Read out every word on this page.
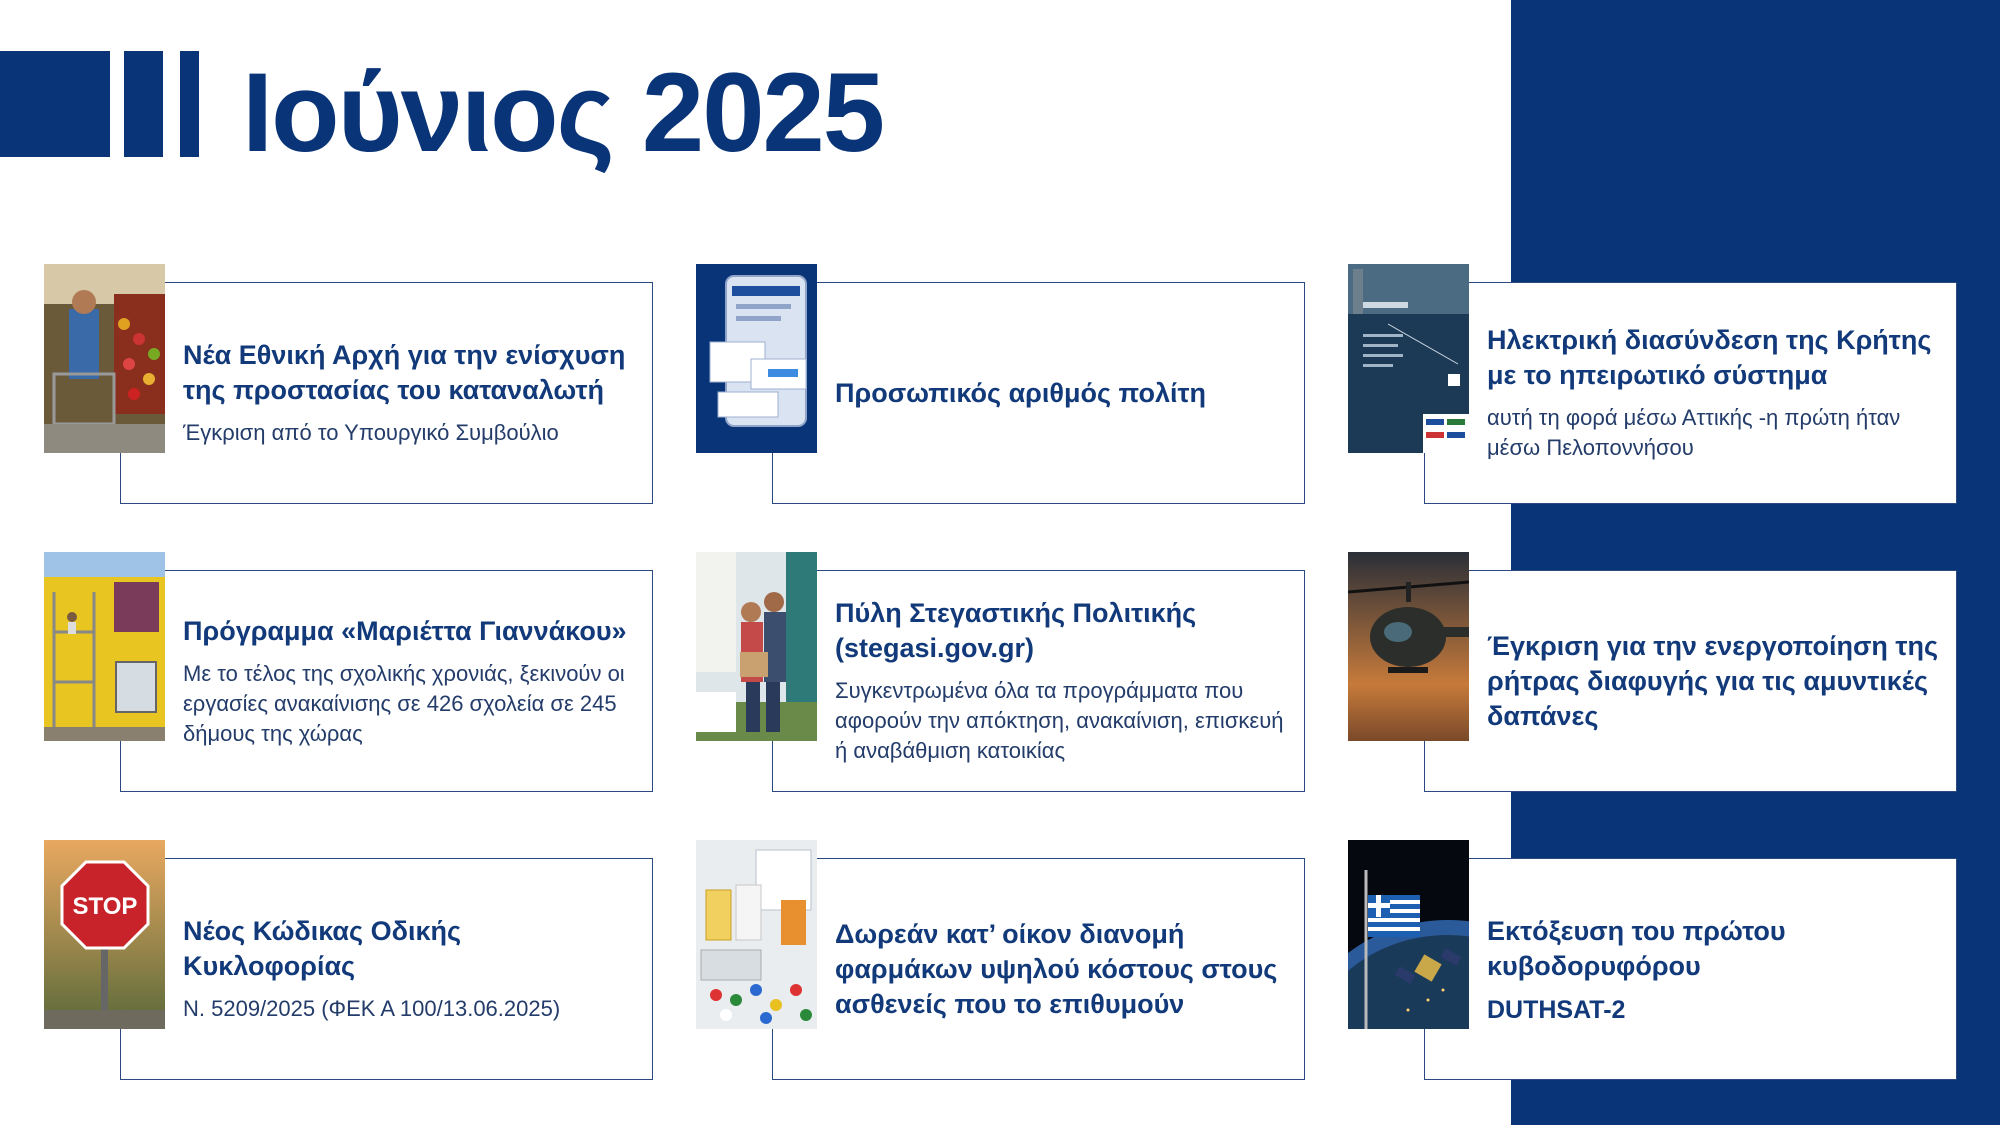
Ιούνιος 2025
Νέα Εθνική Αρχή για την ενίσχυση της προστασίας του καταναλωτή
Έγκριση από το Υπουργικό Συμβούλιο
Προσωπικός αριθμός πολίτη
Ηλεκτρική διασύνδεση της Κρήτης με το ηπειρωτικό σύστημα
αυτή τη φορά μέσω Αττικής -η πρώτη ήταν μέσω Πελοποννήσου
Πρόγραμμα «Μαριέττα Γιαννάκου»
Με το τέλος της σχολικής χρονιάς, ξεκινούν οι εργασίες ανακαίνισης σε 426 σχολεία σε 245 δήμους της χώρας
Πύλη Στεγαστικής Πολιτικής (stegasi.gov.gr)
Συγκεντρωμένα όλα τα προγράμματα που αφορούν την απόκτηση, ανακαίνιση, επισκευή ή αναβάθμιση κατοικίας
Έγκριση για την ενεργοποίηση της ρήτρας διαφυγής για τις αμυντικές δαπάνες
Νέος Κώδικας Οδικής Κυκλοφορίας
Ν. 5209/2025 (ΦΕΚ Α 100/13.06.2025)
STOP
Δωρεάν κατ’ οίκον διανομή φαρμάκων υψηλού κόστους στους ασθενείς που το επιθυμούν
Εκτόξευση του πρώτου κυβοδορυφόρου
DUTHSAT-2
